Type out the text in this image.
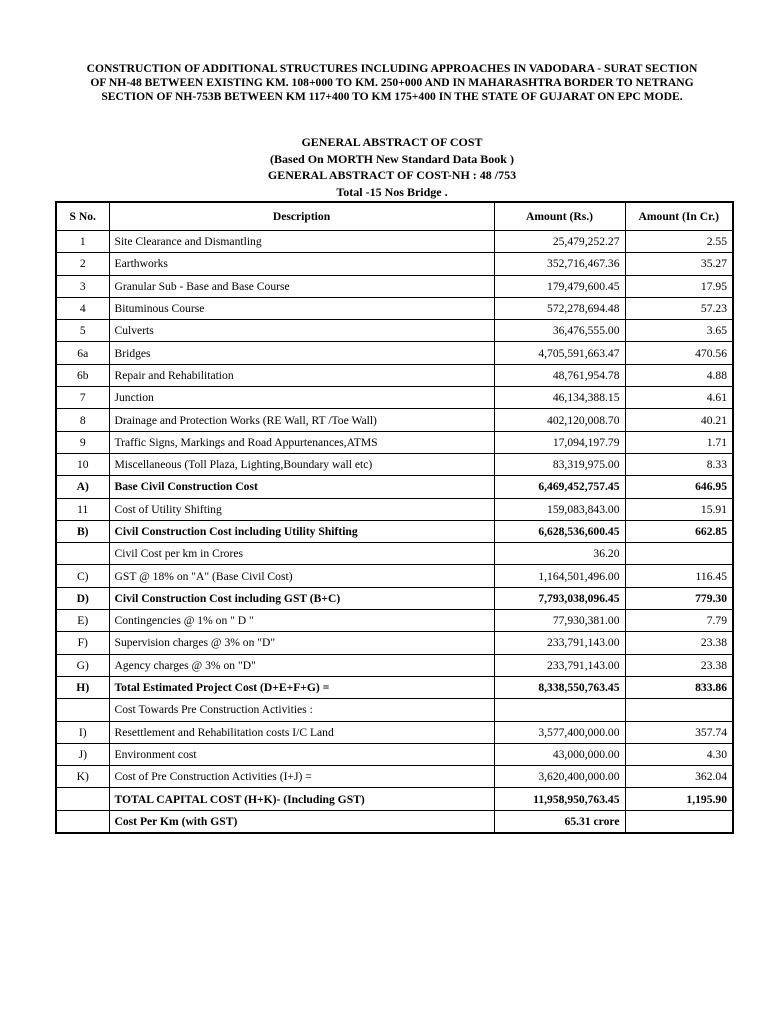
CONSTRUCTION OF ADDITIONAL STRUCTURES INCLUDING APPROACHES IN VADODARA - SURAT SECTION
OF NH-48 BETWEEN EXISTING KM. 108+000 TO KM. 250+000 AND IN MAHARASHTRA BORDER TO NETRANG
SECTION OF NH-753B BETWEEN KM 117+400 TO KM 175+400 IN THE STATE OF GUJARAT ON EPC MODE.
GENERAL ABSTRACT OF COST
(Based On MORTH New Standard Data Book )
GENERAL ABSTRACT OF COST-NH : 48 /753
Total -15 Nos Bridge .
S No.	Description	Amount (Rs.)	Amount (In Cr.)
1	Site Clearance and Dismantling	25,479,252.27	2.55
2	Earthworks	352,716,467.36	35.27
3	Granular Sub - Base and Base Course	179,479,600.45	17.95
4	Bituminous Course	572,278,694.48	57.23
5	Culverts	36,476,555.00	3.65
6a	Bridges	4,705,591,663.47	470.56
6b	Repair and Rehabilitation	48,761,954.78	4.88
7	Junction	46,134,388.15	4.61
8	Drainage and Protection Works (RE Wall, RT /Toe Wall)	402,120,008.70	40.21
9	Traffic Signs, Markings and Road Appurtenances,ATMS	17,094,197.79	1.71
10	Miscellaneous (Toll Plaza, Lighting,Boundary wall etc)	83,319,975.00	8.33
A)	Base Civil Construction Cost	6,469,452,757.45	646.95
11	Cost of Utility Shifting	159,083,843.00	15.91
B)	Civil Construction Cost including Utility Shifting	6,628,536,600.45	662.85
	Civil Cost per km in Crores	36.20	
C)	GST @ 18% on "A" (Base Civil Cost)	1,164,501,496.00	116.45
D)	Civil Construction Cost including GST (B+C)	7,793,038,096.45	779.30
E)	Contingencies @ 1% on " D "	77,930,381.00	7.79
F)	Supervision charges @ 3% on "D"	233,791,143.00	23.38
G)	Agency charges @ 3% on "D"	233,791,143.00	23.38
H)	Total Estimated Project Cost (D+E+F+G) =	8,338,550,763.45	833.86
	Cost Towards Pre Construction Activities :		
I)	Resettlement and Rehabilitation costs I/C Land	3,577,400,000.00	357.74
J)	Environment cost	43,000,000.00	4.30
K)	Cost of Pre Construction Activities (I+J) =	3,620,400,000.00	362.04
	TOTAL CAPITAL COST (H+K)- (Including GST)	11,958,950,763.45	1,195.90
	Cost Per Km (with GST)	65.31 crore	
